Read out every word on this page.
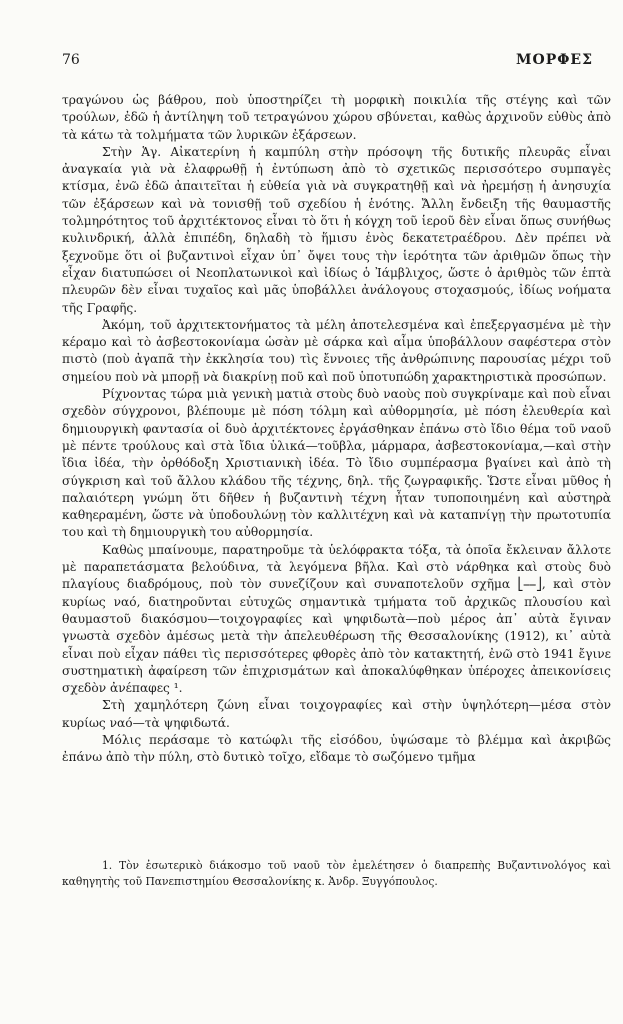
76	ΜΟΡΦΕΣ

τραγώνου ὡς βάθρου, ποὺ ὑποστηρίζει τὴ μορφικὴ ποικιλία τῆς στέγης καὶ τῶν τρούλων, ἐδῶ ἡ ἀντίληψη τοῦ τετραγώνου χώρου σβύνεται, καθὼς ἀρχινοῦν εὐθὺς ἀπὸ τὰ κάτω τὰ τολμήματα τῶν λυρικῶν ἐξάρσεων.

Στὴν Ἁγ. Αἰκατερίνη ἡ καμπύλη στὴν πρόσοψη τῆς δυτικῆς πλευρᾶς εἶναι ἀναγκαία γιὰ νὰ ἐλαφρωθῇ ἡ ἐντύπωση ἀπὸ τὸ σχετικῶς περισσότερο συμπαγὲς κτίσμα, ἐνῶ ἐδῶ ἀπαιτεῖται ἡ εὐθεία γιὰ νὰ συγκρατηθῇ καὶ νὰ ἠρεμήσῃ ἡ ἀνησυχία τῶν ἐξάρσεων καὶ νὰ τονισθῇ τοῦ σχεδίου ἡ ἑνότης. Ἄλλη ἔνδειξη τῆς θαυμαστῆς τολμηρότητος τοῦ ἀρχιτέκτονος εἶναι τὸ ὅτι ἡ κόγχη τοῦ ἱεροῦ δὲν εἶναι ὅπως συνήθως κυλινδρική, ἀλλὰ ἐπιπέδη, δηλαδὴ τὸ ἥμισυ ἑνὸς δεκατετραέδρου. Δὲν πρέπει νὰ ξεχνοῦμε ὅτι οἱ βυζαντινοὶ εἶχαν ὑπ᾽ ὄψει τους τὴν ἱερότητα τῶν ἀριθμῶν ὅπως τὴν εἶχαν διατυπώσει οἱ Νεοπλατωνικοὶ καὶ ἰδίως ὁ Ἰάμβλιχος, ὥστε ὁ ἀριθμὸς τῶν ἑπτὰ πλευρῶν δὲν εἶναι τυχαῖος καὶ μᾶς ὑποβάλλει ἀνάλογους στοχασμούς, ἰδίως νοήματα τῆς Γραφῆς.

Ἀκόμη, τοῦ ἀρχιτεκτονήματος τὰ μέλη ἀποτελεσμένα καὶ ἐπεξεργασμένα μὲ τὴν κέραμο καὶ τὸ ἀσβεστοκονίαμα ὡσὰν μὲ σάρκα καὶ αἷμα ὑποβάλλουν σαφέστερα στὸν πιστὸ (ποὺ ἀγαπᾶ τὴν ἐκκλησία του) τὶς ἔννοιες τῆς ἀνθρώπινης παρουσίας μέχρι τοῦ σημείου ποὺ νὰ μπορῇ νὰ διακρίνῃ ποῦ καὶ ποῦ ὑποτυπώδη χαρακτηριστικὰ προσώπων.

Ρίχνοντας τώρα μιὰ γενικὴ ματιὰ στοὺς δυὸ ναοὺς ποὺ συγκρίναμε καὶ ποὺ εἶναι σχεδὸν σύγχρονοι, βλέπουμε μὲ πόση τόλμη καὶ αὐθορμησία, μὲ πόση ἐλευθερία καὶ δημιουργικὴ φαντασία οἱ δυὸ ἀρχιτέκτονες ἐργάσθηκαν ἐπάνω στὸ ἴδιο θέμα τοῦ ναοῦ μὲ πέντε τρούλους καὶ στὰ ἴδια ὑλικά—τοῦβλα, μάρμαρα, ἀσβεστοκονίαμα,—καὶ στὴν ἴδια ἰδέα, τὴν ὀρθόδοξη Χριστιανικὴ ἰδέα. Τὸ ἴδιο συμπέρασμα βγαίνει καὶ ἀπὸ τὴ σύγκριση καὶ τοῦ ἄλλου κλάδου τῆς τέχνης, δηλ. τῆς ζωγραφικῆς. Ὥστε εἶναι μῦθος ἡ παλαιότερη γνώμη ὅτι δῆθεν ἡ βυζαντινὴ τέχνη ἦταν τυποποιημένη καὶ αὐστηρὰ καθηεραμένη, ὥστε νὰ ὑποδουλώνῃ τὸν καλλιτέχνη καὶ νὰ καταπνίγῃ τὴν πρωτοτυπία του καὶ τὴ δημιουργικὴ του αὐθορμησία.

Καθὼς μπαίνουμε, παρατηροῦμε τὰ ὑελόφρακτα τόξα, τὰ ὁποῖα ἔκλειναν ἄλλοτε μὲ παραπετάσματα βελούδινα, τὰ λεγόμενα βῆλα. Καὶ στὸ νάρθηκα καὶ στοὺς δυὸ πλαγίους διαδρόμους, ποὺ τὸν συνεζίζουν καὶ συναποτελοῦν σχῆμα ⎣⎯⎯⎦, καὶ στὸν κυρίως ναό, διατηροῦνται εὐτυχῶς σημαντικὰ τμήματα τοῦ ἀρχικῶς πλουσίου καὶ θαυμαστοῦ διακόσμου—τοιχογραφίες καὶ ψηφιδωτὰ—ποὺ μέρος ἀπ᾽ αὐτὰ ἔγιναν γνωστὰ σχεδὸν ἀμέσως μετὰ τὴν ἀπελευθέρωση τῆς Θεσσαλονίκης (1912), κι᾽ αὐτὰ εἶναι ποὺ εἶχαν πάθει τὶς περισσότερες φθορὲς ἀπὸ τὸν κατακτητή, ἐνῶ στὸ 1941 ἔγινε συστηματικὴ ἀφαίρεση τῶν ἐπιχρισμάτων καὶ ἀποκαλύφθηκαν ὑπέροχες ἀπεικονίσεις σχεδὸν ἀνέπαφες ¹.

Στὴ χαμηλότερη ζώνη εἶναι τοιχογραφίες καὶ στὴν ὑψηλότερη—μέσα στὸν κυρίως ναό—τὰ ψηφιδωτά.

Μόλις περάσαμε τὸ κατώφλι τῆς εἰσόδου, ὑψώσαμε τὸ βλέμμα καὶ ἀκριβῶς ἐπάνω ἀπὸ τὴν πύλη, στὸ δυτικὸ τοῖχο, εἴδαμε τὸ σωζόμενο τμῆμα

1. Τὸν ἐσωτερικὸ διάκοσμο τοῦ ναοῦ τὸν ἐμελέτησεν ὁ διαπρεπὴς Βυζαντινολόγος καὶ καθηγητὴς τοῦ Πανεπιστημίου Θεσσαλονίκης κ. Ἀνδρ. Ξυγγόπουλος.
